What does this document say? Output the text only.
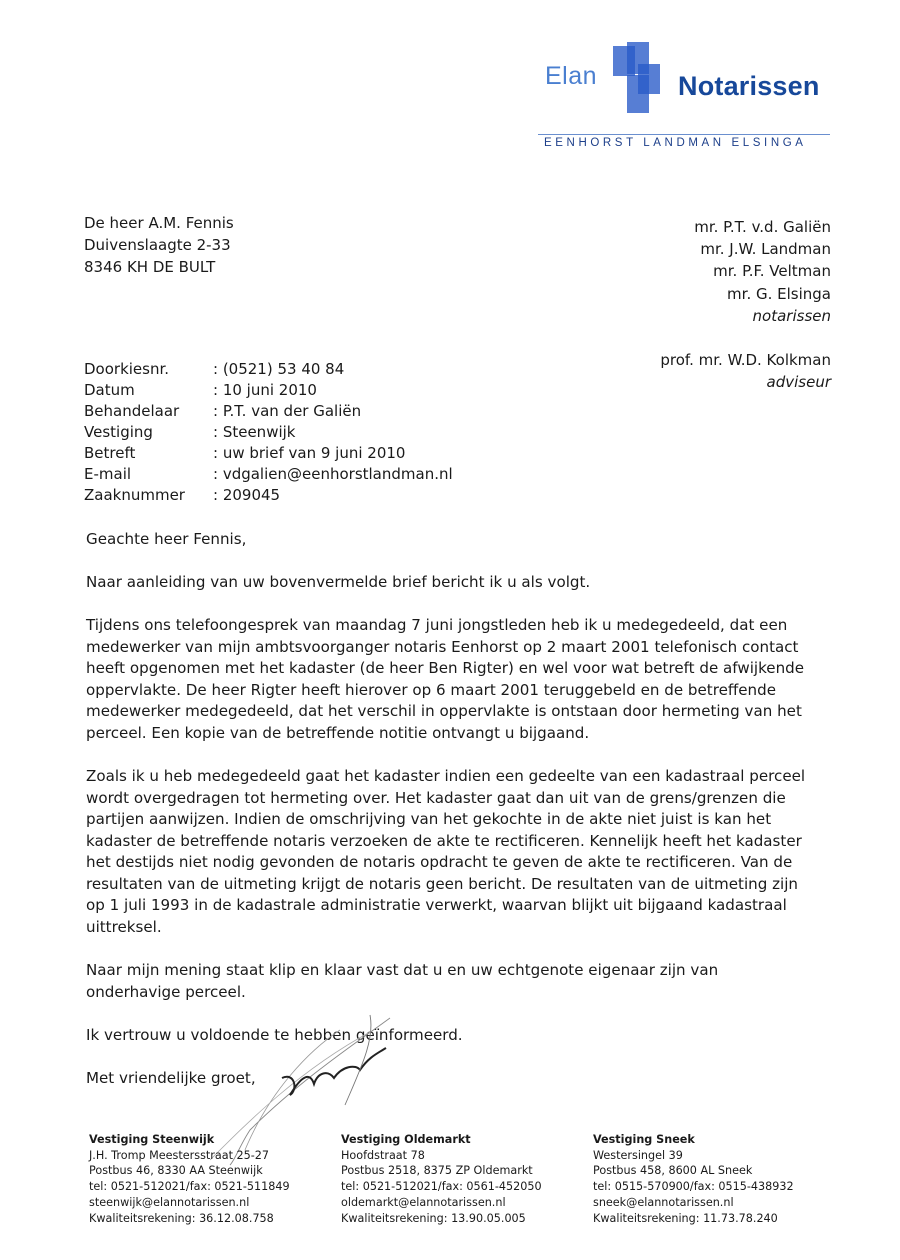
Elan	Notarissen
EENHORST LANDMAN ELSINGA
De heer A.M. Fennis
Duivenslaagte 2-33
8346 KH DE BULT
mr. P.T. v.d. Galiën
mr. J.W. Landman
mr. P.F. Veltman
mr. G. Elsinga
notarissen
prof. mr. W.D. Kolkman
adviseur
Doorkiesnr.	: (0521) 53 40 84
Datum	: 10 juni 2010
Behandelaar	: P.T. van der Galiën
Vestiging	: Steenwijk
Betreft	: uw brief van 9 juni 2010
E-mail	: vdgalien@eenhorstlandman.nl
Zaaknummer	: 209045

Geachte heer Fennis,

Naar aanleiding van uw bovenvermelde brief bericht ik u als volgt.

Tijdens ons telefoongesprek van maandag 7 juni jongstleden heb ik u medegedeeld, dat een medewerker van mijn ambtsvoorganger notaris Eenhorst op 2 maart 2001 telefonisch contact heeft opgenomen met het kadaster (de heer Ben Rigter) en wel voor wat betreft de afwijkende oppervlakte. De heer Rigter heeft hierover op 6 maart 2001 teruggebeld en de betreffende medewerker medegedeeld, dat het verschil in oppervlakte is ontstaan door hermeting van het perceel. Een kopie van de betreffende notitie ontvangt u bijgaand.

Zoals ik u heb medegedeeld gaat het kadaster indien een gedeelte van een kadastraal perceel wordt overgedragen tot hermeting over. Het kadaster gaat dan uit van de grens/grenzen die partijen aanwijzen. Indien de omschrijving van het gekochte in de akte niet juist is kan het kadaster de betreffende notaris verzoeken de akte te rectificeren. Kennelijk heeft het kadaster het destijds niet nodig gevonden de notaris opdracht te geven de akte te rectificeren. Van de resultaten van de uitmeting krijgt de notaris geen bericht. De resultaten van de uitmeting zijn op 1 juli 1993 in de kadastrale administratie verwerkt, waarvan blijkt uit bijgaand kadastraal uittreksel.

Naar mijn mening staat klip en klaar vast dat u en uw echtgenote eigenaar zijn van onderhavige perceel.

Ik vertrouw u voldoende te hebben geïnformeerd.

Met vriendelijke groet,

Vestiging Steenwijk
J.H. Tromp Meestersstraat 25-27
Postbus 46, 8330 AA Steenwijk
tel: 0521-512021/fax: 0521-511849
steenwijk@elannotarissen.nl
Kwaliteitsrekening: 36.12.08.758
Vestiging Oldemarkt
Hoofdstraat 78
Postbus 2518, 8375 ZP Oldemarkt
tel: 0521-512021/fax: 0561-452050
oldemarkt@elannotarissen.nl
Kwaliteitsrekening: 13.90.05.005
Vestiging Sneek
Westersingel 39
Postbus 458, 8600 AL Sneek
tel: 0515-570900/fax: 0515-438932
sneek@elannotarissen.nl
Kwaliteitsrekening: 11.73.78.240
